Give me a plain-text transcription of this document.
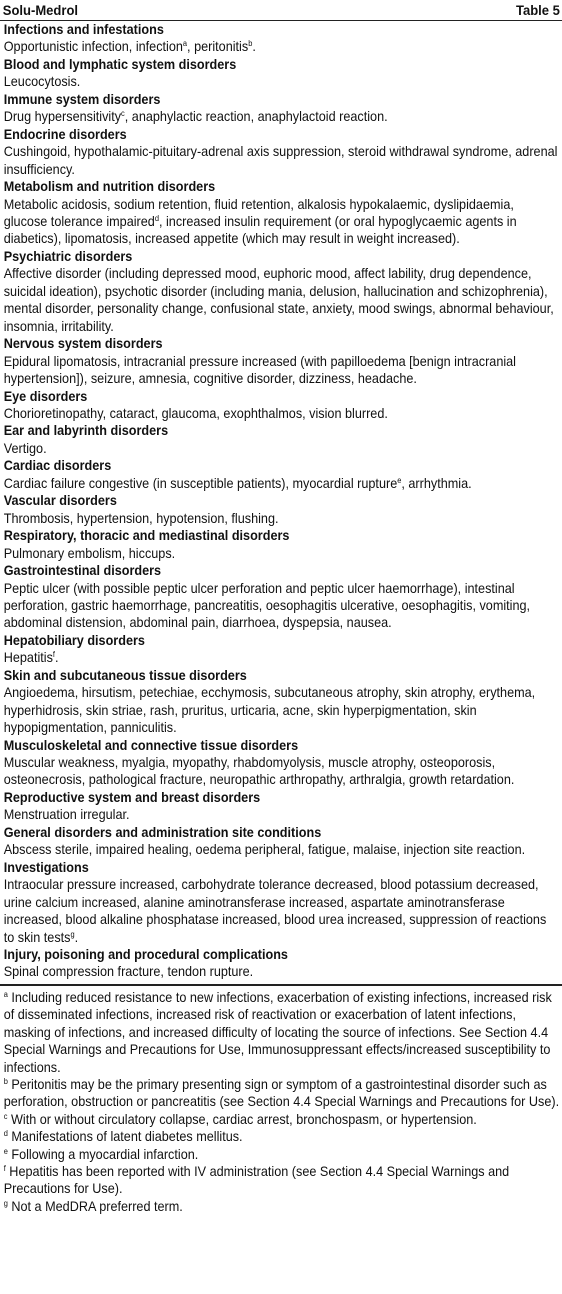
Solu-Medrol	Table 5
Infections and infestations
Opportunistic infection, infection$^a$, peritonitis$^b$.
Blood and lymphatic system disorders
Leucocytosis.
Immune system disorders
Drug hypersensitivity$^c$, anaphylactic reaction, anaphylactoid reaction.
Endocrine disorders
Cushingoid, hypothalamic-pituitary-adrenal axis suppression, steroid withdrawal syndrome, adrenal insufficiency.
Metabolism and nutrition disorders
Metabolic acidosis, sodium retention, fluid retention, alkalosis hypokalaemic, dyslipidaemia, glucose tolerance impaired$^d$, increased insulin requirement (or oral hypoglycaemic agents in diabetics), lipomatosis, increased appetite (which may result in weight increased).
Psychiatric disorders
Affective disorder (including depressed mood, euphoric mood, affect lability, drug dependence, suicidal ideation), psychotic disorder (including mania, delusion, hallucination and schizophrenia), mental disorder, personality change, confusional state, anxiety, mood swings, abnormal behaviour, insomnia, irritability.
Nervous system disorders
Epidural lipomatosis, intracranial pressure increased (with papilloedema [benign intracranial hypertension]), seizure, amnesia, cognitive disorder, dizziness, headache.
Eye disorders
Chorioretinopathy, cataract, glaucoma, exophthalmos, vision blurred.
Ear and labyrinth disorders
Vertigo.
Cardiac disorders
Cardiac failure congestive (in susceptible patients), myocardial rupture$^e$, arrhythmia.
Vascular disorders
Thrombosis, hypertension, hypotension, flushing.
Respiratory, thoracic and mediastinal disorders
Pulmonary embolism, hiccups.
Gastrointestinal disorders
Peptic ulcer (with possible peptic ulcer perforation and peptic ulcer haemorrhage), intestinal perforation, gastric haemorrhage, pancreatitis, oesophagitis ulcerative, oesophagitis, vomiting, abdominal distension, abdominal pain, diarrhoea, dyspepsia, nausea.
Hepatobiliary disorders
Hepatitis$^f$.
Skin and subcutaneous tissue disorders
Angioedema, hirsutism, petechiae, ecchymosis, subcutaneous atrophy, skin atrophy, erythema, hyperhidrosis, skin striae, rash, pruritus, urticaria, acne, skin hyperpigmentation, skin hypopigmentation, panniculitis.
Musculoskeletal and connective tissue disorders
Muscular weakness, myalgia, myopathy, rhabdomyolysis, muscle atrophy, osteoporosis, osteonecrosis, pathological fracture, neuropathic arthropathy, arthralgia, growth retardation.
Reproductive system and breast disorders
Menstruation irregular.
General disorders and administration site conditions
Abscess sterile, impaired healing, oedema peripheral, fatigue, malaise, injection site reaction.
Investigations
Intraocular pressure increased, carbohydrate tolerance decreased, blood potassium decreased, urine calcium increased, alanine aminotransferase increased, aspartate aminotransferase increased, blood alkaline phosphatase increased, blood urea increased, suppression of reactions to skin tests$^g$.
Injury, poisoning and procedural complications
Spinal compression fracture, tendon rupture.
$^a$ Including reduced resistance to new infections, exacerbation of existing infections, increased risk of disseminated infections, increased risk of reactivation or exacerbation of latent infections, masking of infections, and increased difficulty of locating the source of infections. See Section 4.4 Special Warnings and Precautions for Use, Immunosuppressant effects/increased susceptibility to infections.
$^b$ Peritonitis may be the primary presenting sign or symptom of a gastrointestinal disorder such as perforation, obstruction or pancreatitis (see Section 4.4 Special Warnings and Precautions for Use).
$^c$ With or without circulatory collapse, cardiac arrest, bronchospasm, or hypertension.
$^d$ Manifestations of latent diabetes mellitus.
$^e$ Following a myocardial infarction.
$^f$ Hepatitis has been reported with IV administration (see Section 4.4 Special Warnings and Precautions for Use).
$^g$ Not a MedDRA preferred term.
